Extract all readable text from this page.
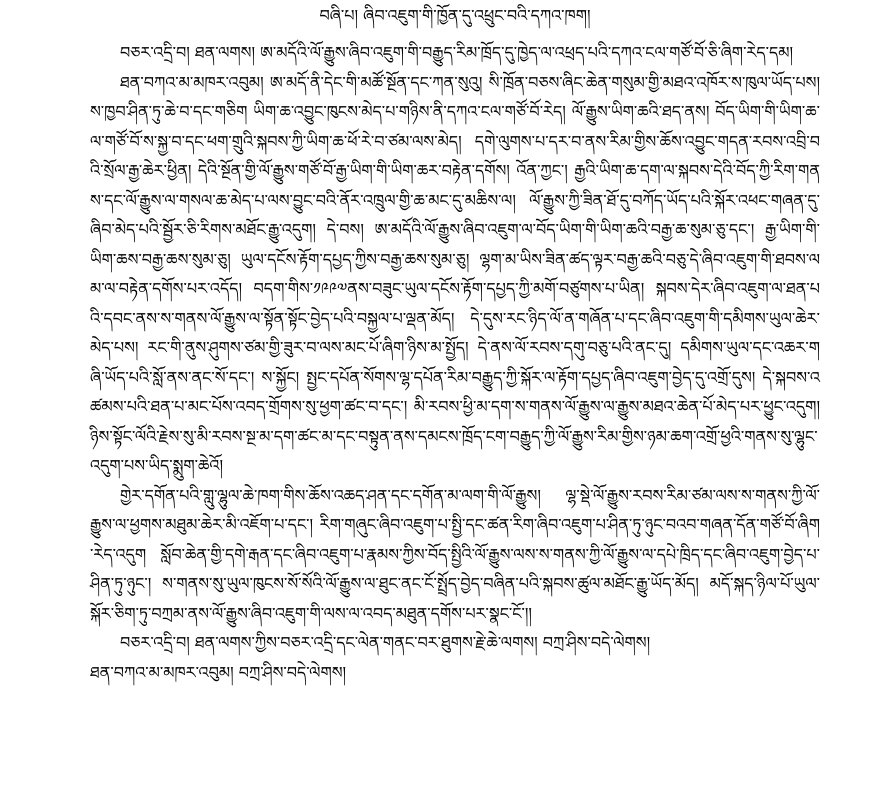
བཞི་པ། ཞིབ་འཇུག་གི་ཁྱོན་དུ་འཕྲུང་བའི་དཀའ་ཁག།

བཅར་འདྲི་བ། ཐན་ལགས། ཨ་མདོའི་ལོ་རྒྱུས་ཞིབ་འཇུག་གི་བརྒྱུད་རིམ་ཁྲོད་དུ་ཁྱེད་ལ་འཕྲད་པའི་དཀའ་ངལ་གཙོ་བོ་ཅི་ཞིག་རེད་དམ།

ཐན་བཀའ་མ་མཁར་འབུམ། ཨ་མདོ་ནི་དེང་གི་མཚོ་སྔོན་དང་ཀན་སུའུ། སི་ཁྲོན་བཅས་ཞིང་ཆེན་གསུམ་གྱི་མཐའ་འཁོར་ས་ཁུལ་ཡོད་པས། ས་ཁྱབ་ཤིན་ཏུ་ཆེ་བ་དང་གཅིག ཡིག་ཆ་འབྱུང་ཁུངས་མེད་པ་གཉིས་ནི་དཀའ་ངལ་གཙོ་བོ་རེད། ལོ་རྒྱུས་ཡིག་ཆའི་ཐད་ནས། བོད་ཡིག་གི་ཡིག་ཆ་ལ་གཙོ་བོ་ས་སྐྱ་བ་དང་ཕག་གྲུའི་སྐབས་ཀྱི་ཡིག་ཆ་ཕོ་རེ་བ་ཙམ་ལས་མེད། དགེ་ལུགས་པ་དར་བ་ནས་རིམ་གྱིས་ཆོས་འབྱུང་གདན་རབས་འབྲི་བའི་སྲོལ་རྒྱ་ཆེར་ཕྱིན། དེའི་སྔོན་གྱི་ལོ་རྒྱུས་གཙོ་བོ་རྒྱ་ཡིག་གི་ཡིག་ཆར་བརྟེན་དགོས། འོན་ཀྱང་། རྒྱའི་ཡིག་ཆ་དག་ལ་སྐབས་དེའི་བོད་ཀྱི་རིག་གནས་དང་ལོ་རྒྱུས་ལ་གསལ་ཆ་མེད་པ་ལས་བྱུང་བའི་ནོར་འཁྲུལ་གྱི་ཆ་མང་དུ་མཆིས་ལ། ལོ་རྒྱུས་ཀྱི་ཟིན་ཐོ་དུ་བཀོད་ཡོད་པའི་སྐོར་འཕང་གཞན་དུ་ཞིབ་མེད་པའི་སྦྱོར་ཅི་རིགས་མཐོང་རྒྱུ་འདུག། དེ་བས། ཨ་མདོའི་ལོ་རྒྱུས་ཞིབ་འཇུག་ལ་བོད་ཡིག་གི་ཡིག་ཆའི་བརྒྱ་ཆ་སུམ་ཅུ་དང་། རྒྱ་ཡིག་གི་ཡིག་ཆས་བརྒྱ་ཆས་སུམ་ཅུ། ཡུལ་དངོས་རྟོག་དཔྱད་ཀྱིས་བརྒྱ་ཆས་སུམ་ཅུ། ལྷག་མ་ཡིས་ཟིན་ཚད་ལྟར་བརྒྱ་ཆའི་བཅུ་དེ་ཞིབ་འཇུག་གི་ཐབས་ལམ་ལ་བརྟེན་དགོས་པར་འདོད། བདག་གིས་༡༩༩༧ནས་བཟུང་ཡུལ་དངོས་རྟོག་དཔྱད་ཀྱི་མགོ་བཙུགས་པ་ཡིན། སྐབས་དེར་ཞིབ་འཇུག་ལ་ཐན་པའི་དབང་ནས་ས་གནས་ལོ་རྒྱུས་ལ་སྟོན་སྟོང་བྱེད་པའི་བསྐྱལ་པ་ལྡན་མོད། དེ་དུས་རང་ཉིད་ལོ་ན་གཞོན་པ་དང་ཞིབ་འཇུག་གི་དམིགས་ཡུལ་ཆེར་མེད་པས། རང་གི་ནུས་ཤུགས་ཙམ་གྱི་ཟུར་བ་ལས་མང་པོ་ཞིག་ཉིས་མ་སྤྱོད། དེ་ནས་ལོ་རབས་དགུ་བཅུ་པའི་ནང་དུ། དམིགས་ཡུལ་དང་འཆར་གཞི་ཡོད་པའི་སློ་ནས་ནང་སོ་དང་། ས་སྐྱོང། སྤྱང་དཔོན་སོགས་ལྷ་དཔོན་རིམ་བརྒྱུད་ཀྱི་སྐོར་ལ་རྟོག་དཔྱད་ཞིབ་འཇུག་བྱེད་དུ་འགྲོ་དུས། དེ་སྐབས་འཚམས་པའི་ཐན་པ་མང་པོས་འབད་གྲོགས་སུ་ཕྱག་ཚང་བ་དང་། མི་རབས་ཕྱི་མ་དག་ས་གནས་ལོ་རྒྱུས་ལ་རྒྱུས་མཐའ་ཆེན་པོ་མེད་པར་ཕྱུང་འདུག། ཉིས་སྟོང་ལོའི་རྗེས་སུ་མི་རབས་སྔ་མ་དག་ཚང་མ་དང་བསྟུན་ནས་དམངས་ཁྲོད་ངག་བརྒྱུད་ཀྱི་ལོ་རྒྱུས་རིམ་གྱིས་ཉམ་ཆག་འགྲོ་ཕྱའི་གནས་སུ་ལྷུང་འདུག་པས་ཡིད་སྨུག་ཆེའོ།

གྱེར་དགོན་པའི་གླུ་ལྷུལ་ཆེ་ཁག་གིས་ཆོས་འཆད་ཤན་དང་དགོན་མ་ལག་གི་ལོ་རྒྱུས། ལྷ་སྡེ་ལོ་རྒྱུས་རབས་རིམ་ཙམ་ལས་ས་གནས་ཀྱི་ལོ་རྒྱུས་ལ་ཕྱགས་མཐུམ་ཆེར་མི་འཇོག་པ་དང་། རིག་གཞུང་ཞིབ་འཇུག་པ་སྤྱི་དང་ཚན་རིག་ཞིབ་འཇུག་པ་ཤིན་ཏུ་ཉུང་བའབ་གཞན་དོན་གཙོ་བོ་ཞིག་རེད་འདུག སློབ་ཆེན་གྱི་དགེ་རྒན་དང་ཞིབ་འཇུག་པ་རྣམས་ཀྱིས་བོད་སྤྱིའི་ལོ་རྒྱུས་ལས་ས་གནས་ཀྱི་ལོ་རྒྱུས་ལ་དཔེ་ཁྲིད་དང་ཞིབ་འཇུག་བྱེད་པ་ཤིན་ཏུ་ཉུང་། ས་གནས་སུ་ཡུལ་ཁུངས་སོ་སོའི་ལོ་རྒྱུས་ལ་ཐུང་ནང་ངོ་སྤྲོད་བྱེད་བཞིན་པའི་སྐབས་ཚུལ་མཐོང་རྒྱུ་ཡོད་མོད། མདོ་སྐད་ཉིལ་པོ་ཡུལ་སྐོར་ཅིག་ཏུ་བཀྲམ་ནས་ལོ་རྒྱུས་ཞིབ་འཇུག་གི་ལས་ལ་འབད་མཐུན་དགོས་པར་སྣང་ངོ་།།

བཅར་འདྲི་བ། ཐན་ལགས་ཀྱིས་བཅར་འདྲི་དང་ལེན་གནང་བར་ཐུགས་རྗེ་ཆེ་ལགས། བཀྲ་ཤིས་བདེ་ལེགས།

ཐན་བཀའ་མ་མཁར་འབུམ། བཀྲ་ཤིས་བདེ་ལེགས།
